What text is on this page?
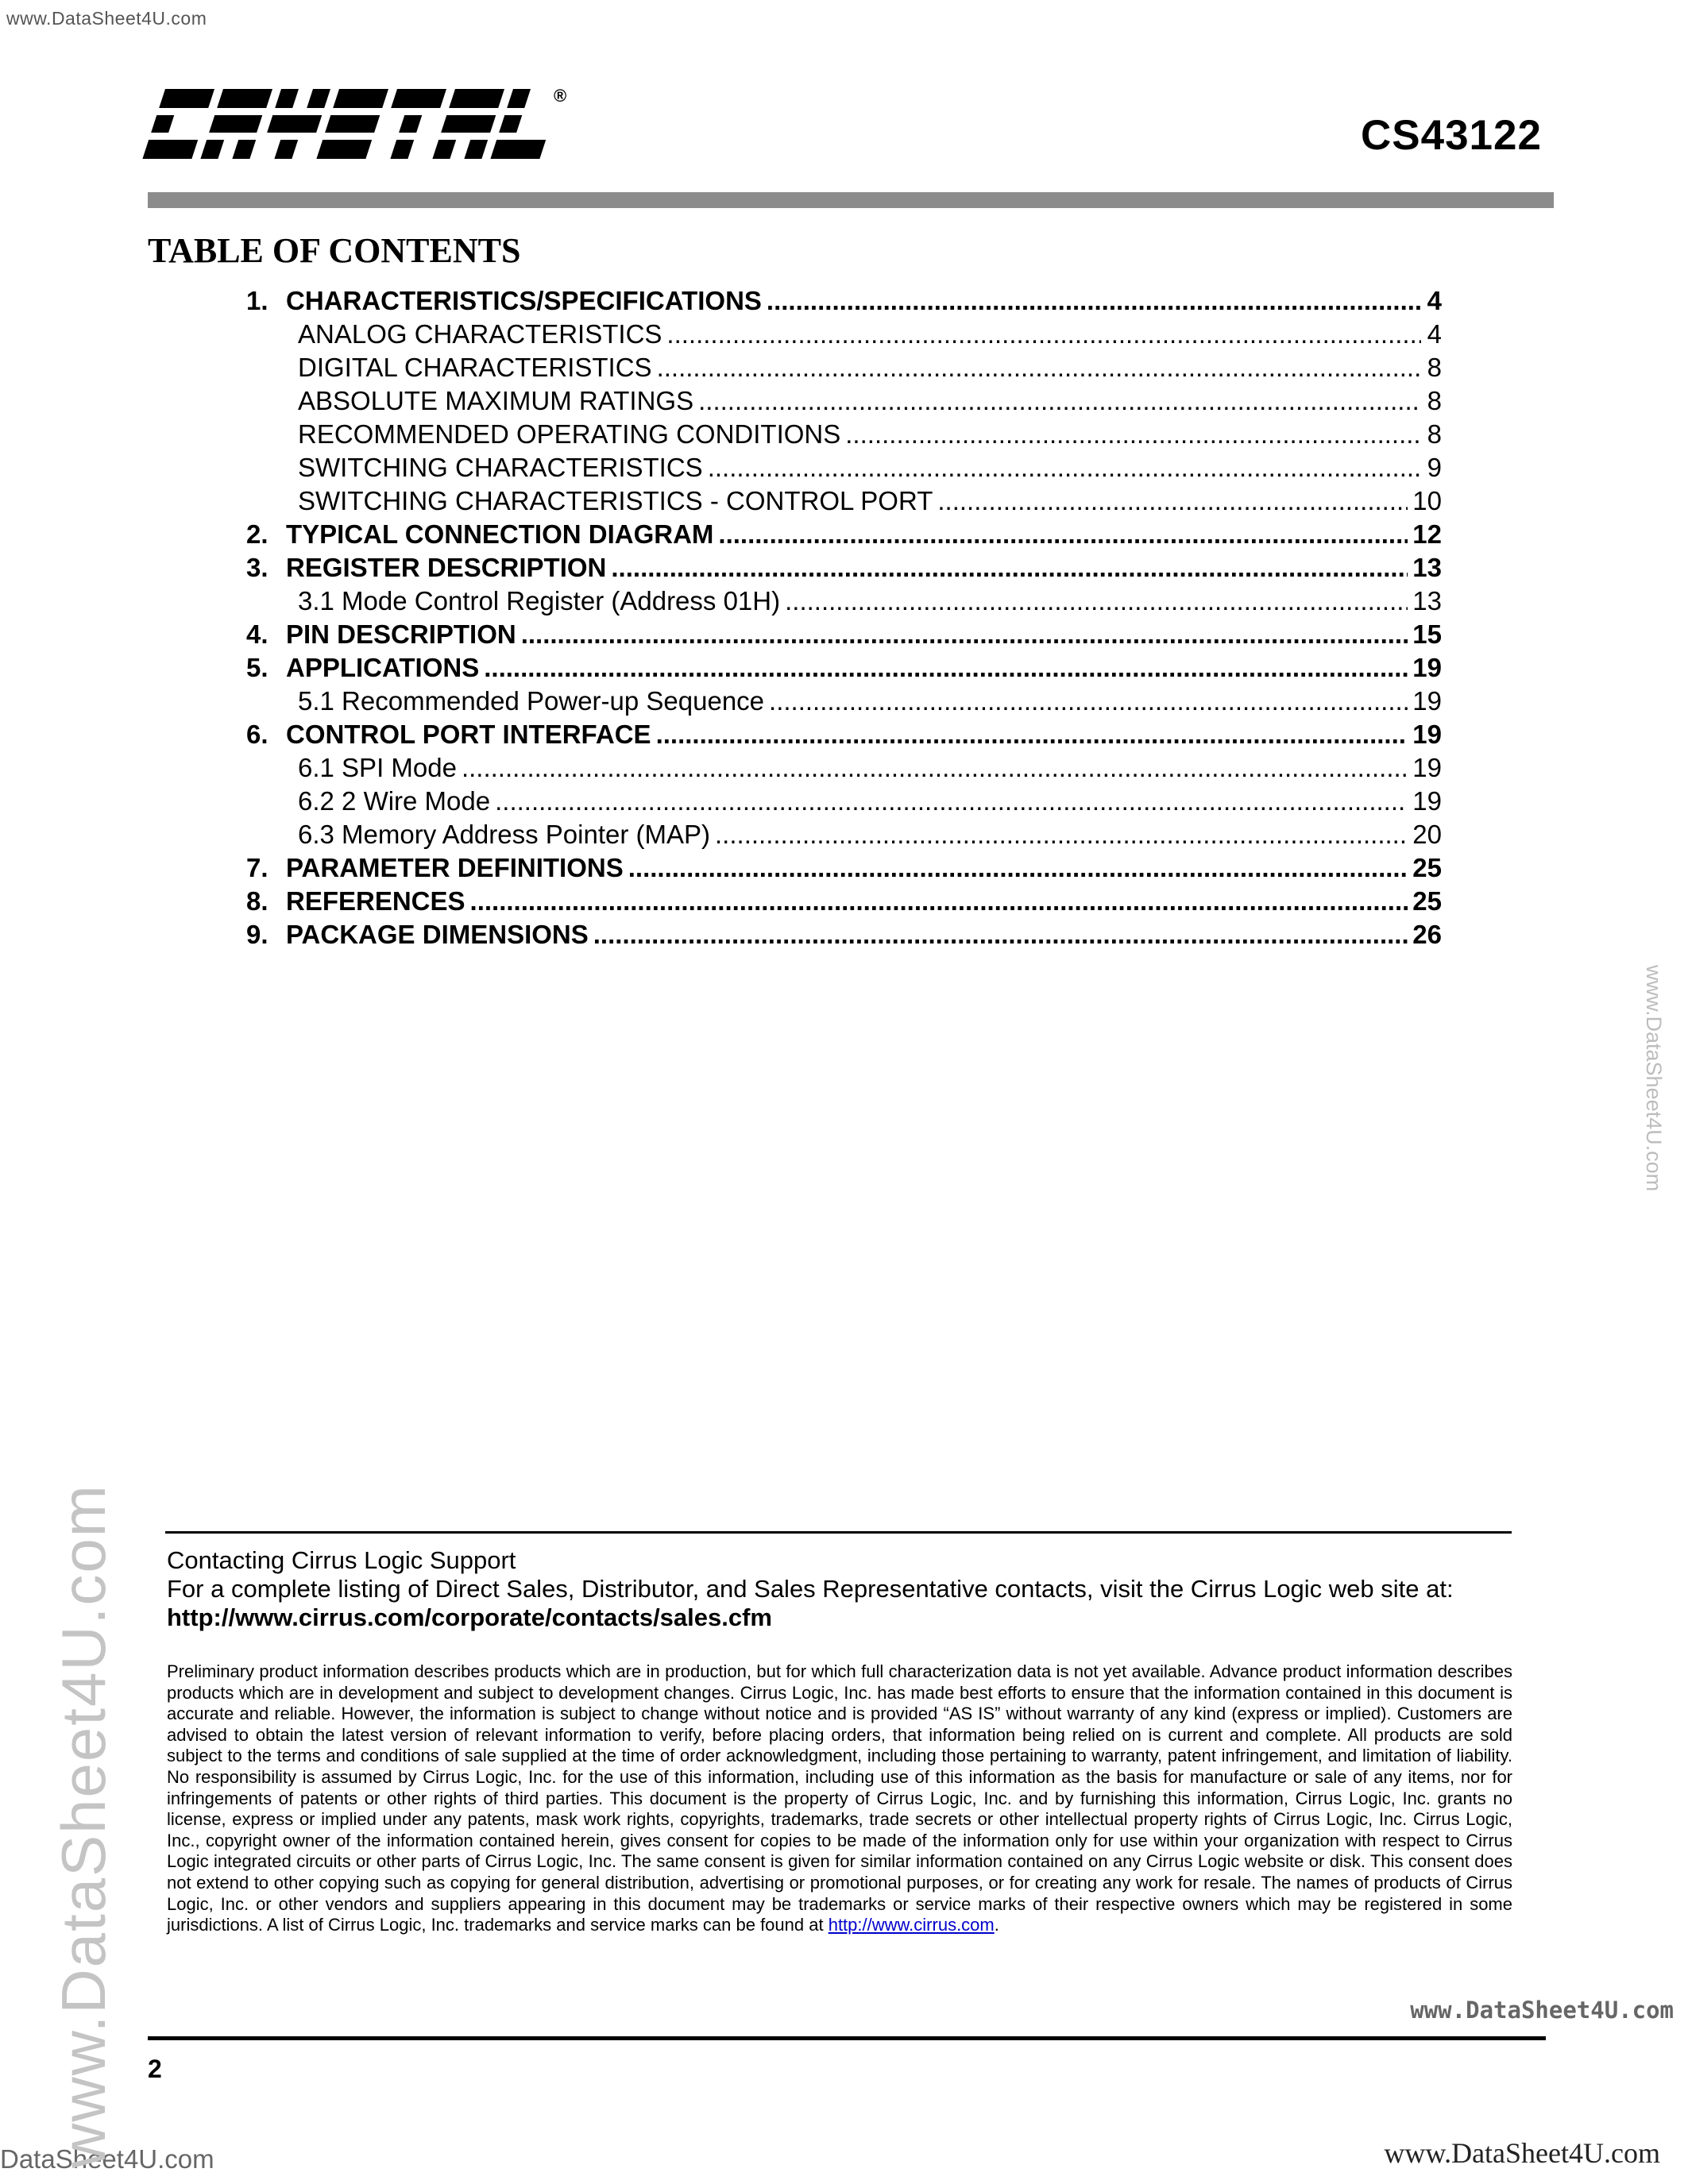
www.DataSheet4U.com
®
CS43122
TABLE OF CONTENTS
1. CHARACTERISTICS/SPECIFICATIONS .....	4
ANALOG CHARACTERISTICS .....	4
DIGITAL CHARACTERISTICS .....	8
ABSOLUTE MAXIMUM RATINGS .....	8
RECOMMENDED OPERATING CONDITIONS .....	8
SWITCHING CHARACTERISTICS .....	9
SWITCHING CHARACTERISTICS - CONTROL PORT .....	10
2. TYPICAL CONNECTION DIAGRAM .....	12
3. REGISTER DESCRIPTION .....	13
3.1 Mode Control Register (Address 01H) .....	13
4. PIN DESCRIPTION .....	15
5. APPLICATIONS .....	19
5.1 Recommended Power-up Sequence .....	19
6. CONTROL PORT INTERFACE .....	19
6.1 SPI Mode .....	19
6.2 2 Wire Mode .....	19
6.3 Memory Address Pointer (MAP) .....	20
7. PARAMETER DEFINITIONS .....	25
8. REFERENCES .....	25
9. PACKAGE DIMENSIONS .....	26
Contacting Cirrus Logic Support
For a complete listing of Direct Sales, Distributor, and Sales Representative contacts, visit the Cirrus Logic web site at:
http://www.cirrus.com/corporate/contacts/sales.cfm
Preliminary product information describes products which are in production, but for which full characterization data is not yet available. Advance product information describes products which are in development and subject to development changes. Cirrus Logic, Inc. has made best efforts to ensure that the information contained in this document is accurate and reliable. However, the information is subject to change without notice and is provided “AS IS” without warranty of any kind (express or implied). Customers are advised to obtain the latest version of relevant information to verify, before placing orders, that information being relied on is current and complete. All products are sold subject to the terms and conditions of sale supplied at the time of order acknowledgment, including those pertaining to warranty, patent infringement, and limitation of liability. No responsibility is assumed by Cirrus Logic, Inc. for the use of this information, including use of this information as the basis for manufacture or sale of any items, nor for infringements of patents or other rights of third parties. This document is the property of Cirrus Logic, Inc. and by furnishing this information, Cirrus Logic, Inc. grants no license, express or implied under any patents, mask work rights, copyrights, trademarks, trade secrets or other intellectual property rights of Cirrus Logic, Inc. Cirrus Logic, Inc., copyright owner of the information contained herein, gives consent for copies to be made of the information only for use within your organization with respect to Cirrus Logic integrated circuits or other parts of Cirrus Logic, Inc. The same consent is given for similar information contained on any Cirrus Logic website or disk. This consent does not extend to other copying such as copying for general distribution, advertising or promotional purposes, or for creating any work for resale. The names of products of Cirrus Logic, Inc. or other vendors and suppliers appearing in this document may be trademarks or service marks of their respective owners which may be registered in some jurisdictions. A list of Cirrus Logic, Inc. trademarks and service marks can be found at http://www.cirrus.com.
www.DataSheet4U.com
2
DataSheet4U.com	www.DataSheet4U.com
www.DataSheet4U.com
www.DataSheet4U.com
